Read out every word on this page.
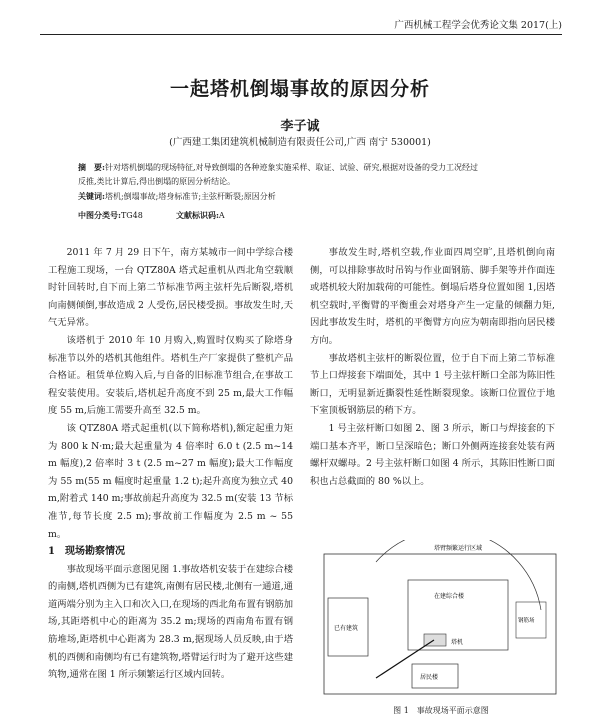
广西机械工程学会优秀论文集 2017(上)
一起塔机倒塌事故的原因分析
李子诚
(广西建工集团建筑机械制造有限责任公司,广西 南宁 530001)
摘　要:针对塔机倒塌的现场特征,对导致倒塌的各种迹象实施采样、取证、试验、研究,根据对设备的受力工况经过
反推,类比计算后,得出倒塌的原因分析结论。
关键词:塔机;倒塌事故;塔身标准节;主弦杆断裂;原因分析
中图分类号:TG48	文献标识码:A

2011 年 7 月 29 日下午，南方某城市一间中学综合楼工程施工现场，一台 QTZ80A 塔式起重机从西北角空载顺时针回转时,自下而上第二节标准节两主弦杆先后断裂,塔机向南侧倾倒,事故造成 2 人受伤,居民楼受损。事故发生时,天气无异常。

该塔机于 2010 年 10 月购入,购置时仅购买了除塔身标准节以外的塔机其他组件。塔机生产厂家提供了整机产品合格证。租赁单位购入后,与自备的旧标准节组合,在事故工程安装使用。安装后,塔机起升高度不到 25 m,最大工作幅度 55 m,后施工需要升高至 32.5 m。

该 QTZ80A 塔式起重机(以下简称塔机),额定起重力矩为 800 k N·m;最大起重量为 4 倍率时 6.0 t (2.5 m~14 m 幅度),2 倍率时 3 t (2.5 m~27 m 幅度);最大工作幅度为 55 m(55 m 幅度时起重量 1.2 t);起升高度为独立式 40 m,附着式 140 m;事故前起升高度为 32.5 m(安装 13 节标准节,每节长度 2.5 m);事故前工作幅度为 2.5 m ~ 55 m。

1　现场勘察情况

事故现场平面示意图见图 1.事故塔机安装于在建综合楼的南侧,塔机西侧为已有建筑,南侧有居民楼,北侧有一通道,通道两端分别为主入口和次入口,在现场的西北角布置有钢筋加场,其距塔机中心的距离为 35.2 m;现场的西南角布置有钢筋堆场,距塔机中心距离为 28.3 m,据现场人员反映,由于塔机的西侧和南侧均有已有建筑物,塔臂运行时为了避开这些建筑物,通常在图 1 所示频繁运行区域内回转。

事故发生时,塔机空载,作业面四周空旷,且塔机倒向南侧，可以排除事故时吊钩与作业面钢筋、脚手架等并作面连或塔机较大附加载荷的可能性。倒塌后塔身位置如图 1,因塔机空载时,平衡臂的平衡重会对塔身产生一定量的倾翻力矩,因此事故发生时，塔机的平衡臂方向应为朝南即指向居民楼方向。

事故塔机主弦杆的断裂位置，位于自下而上第二节标准节上口焊接套下端面处，其中 1 号主弦杆断口全部为陈旧性断口，无明显新近撕裂性延性断裂现象。该断口位置位于地下室顶板钢筋层的稍下方。

1 号主弦杆断口如图 2、图 3 所示，断口与焊接套的下端口基本齐平，断口呈深暗色；断口外侧两连接套处装有两螺杆双螺母。2 号主弦杆断口如图 4 所示，其陈旧性断口面积也占总截面的 80 %以上。

塔臂频繁运行区域
已有建筑
在建综合楼
塔机
钢筋场
居民楼
图 1　事故现场平面示意图
